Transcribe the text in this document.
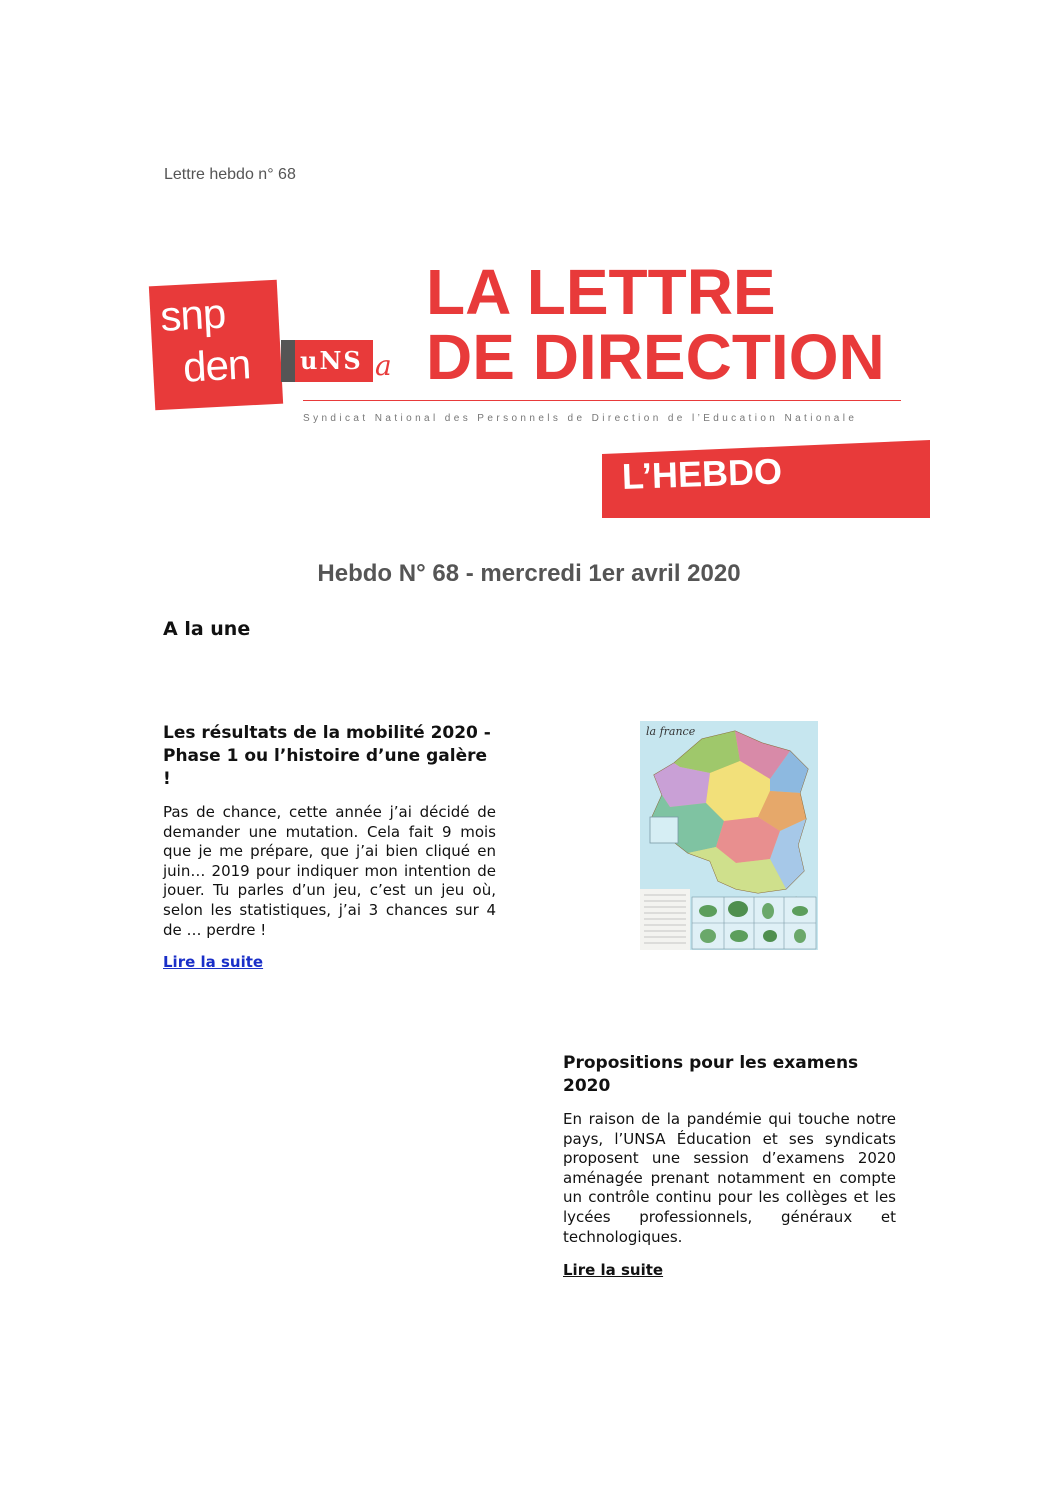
Lettre hebdo n° 68
snp
den uNS a
LA LETTRE
DE DIRECTION
Syndicat National des Personnels de Direction de l’Education Nationale
L’HEBDO
Hebdo N° 68 - mercredi 1er avril 2020
A la une
Les résultats de la mobilité 2020 - Phase 1 ou l’histoire d’une galère !
Pas de chance, cette année j’ai décidé de demander une mutation. Cela fait 9 mois que je me prépare, que j’ai bien cliqué en juin… 2019 pour indiquer mon intention de jouer. Tu parles d’un jeu, c’est un jeu où, selon les statistiques, j’ai 3 chances sur 4 de … perdre !
Lire la suite
la france
Propositions pour les examens 2020
En raison de la pandémie qui touche notre pays, l’UNSA Éducation et ses syndicats proposent une session d’examens 2020 aménagée prenant notamment en compte un contrôle continu pour les collèges et les lycées professionnels, généraux et technologiques.
Lire la suite
